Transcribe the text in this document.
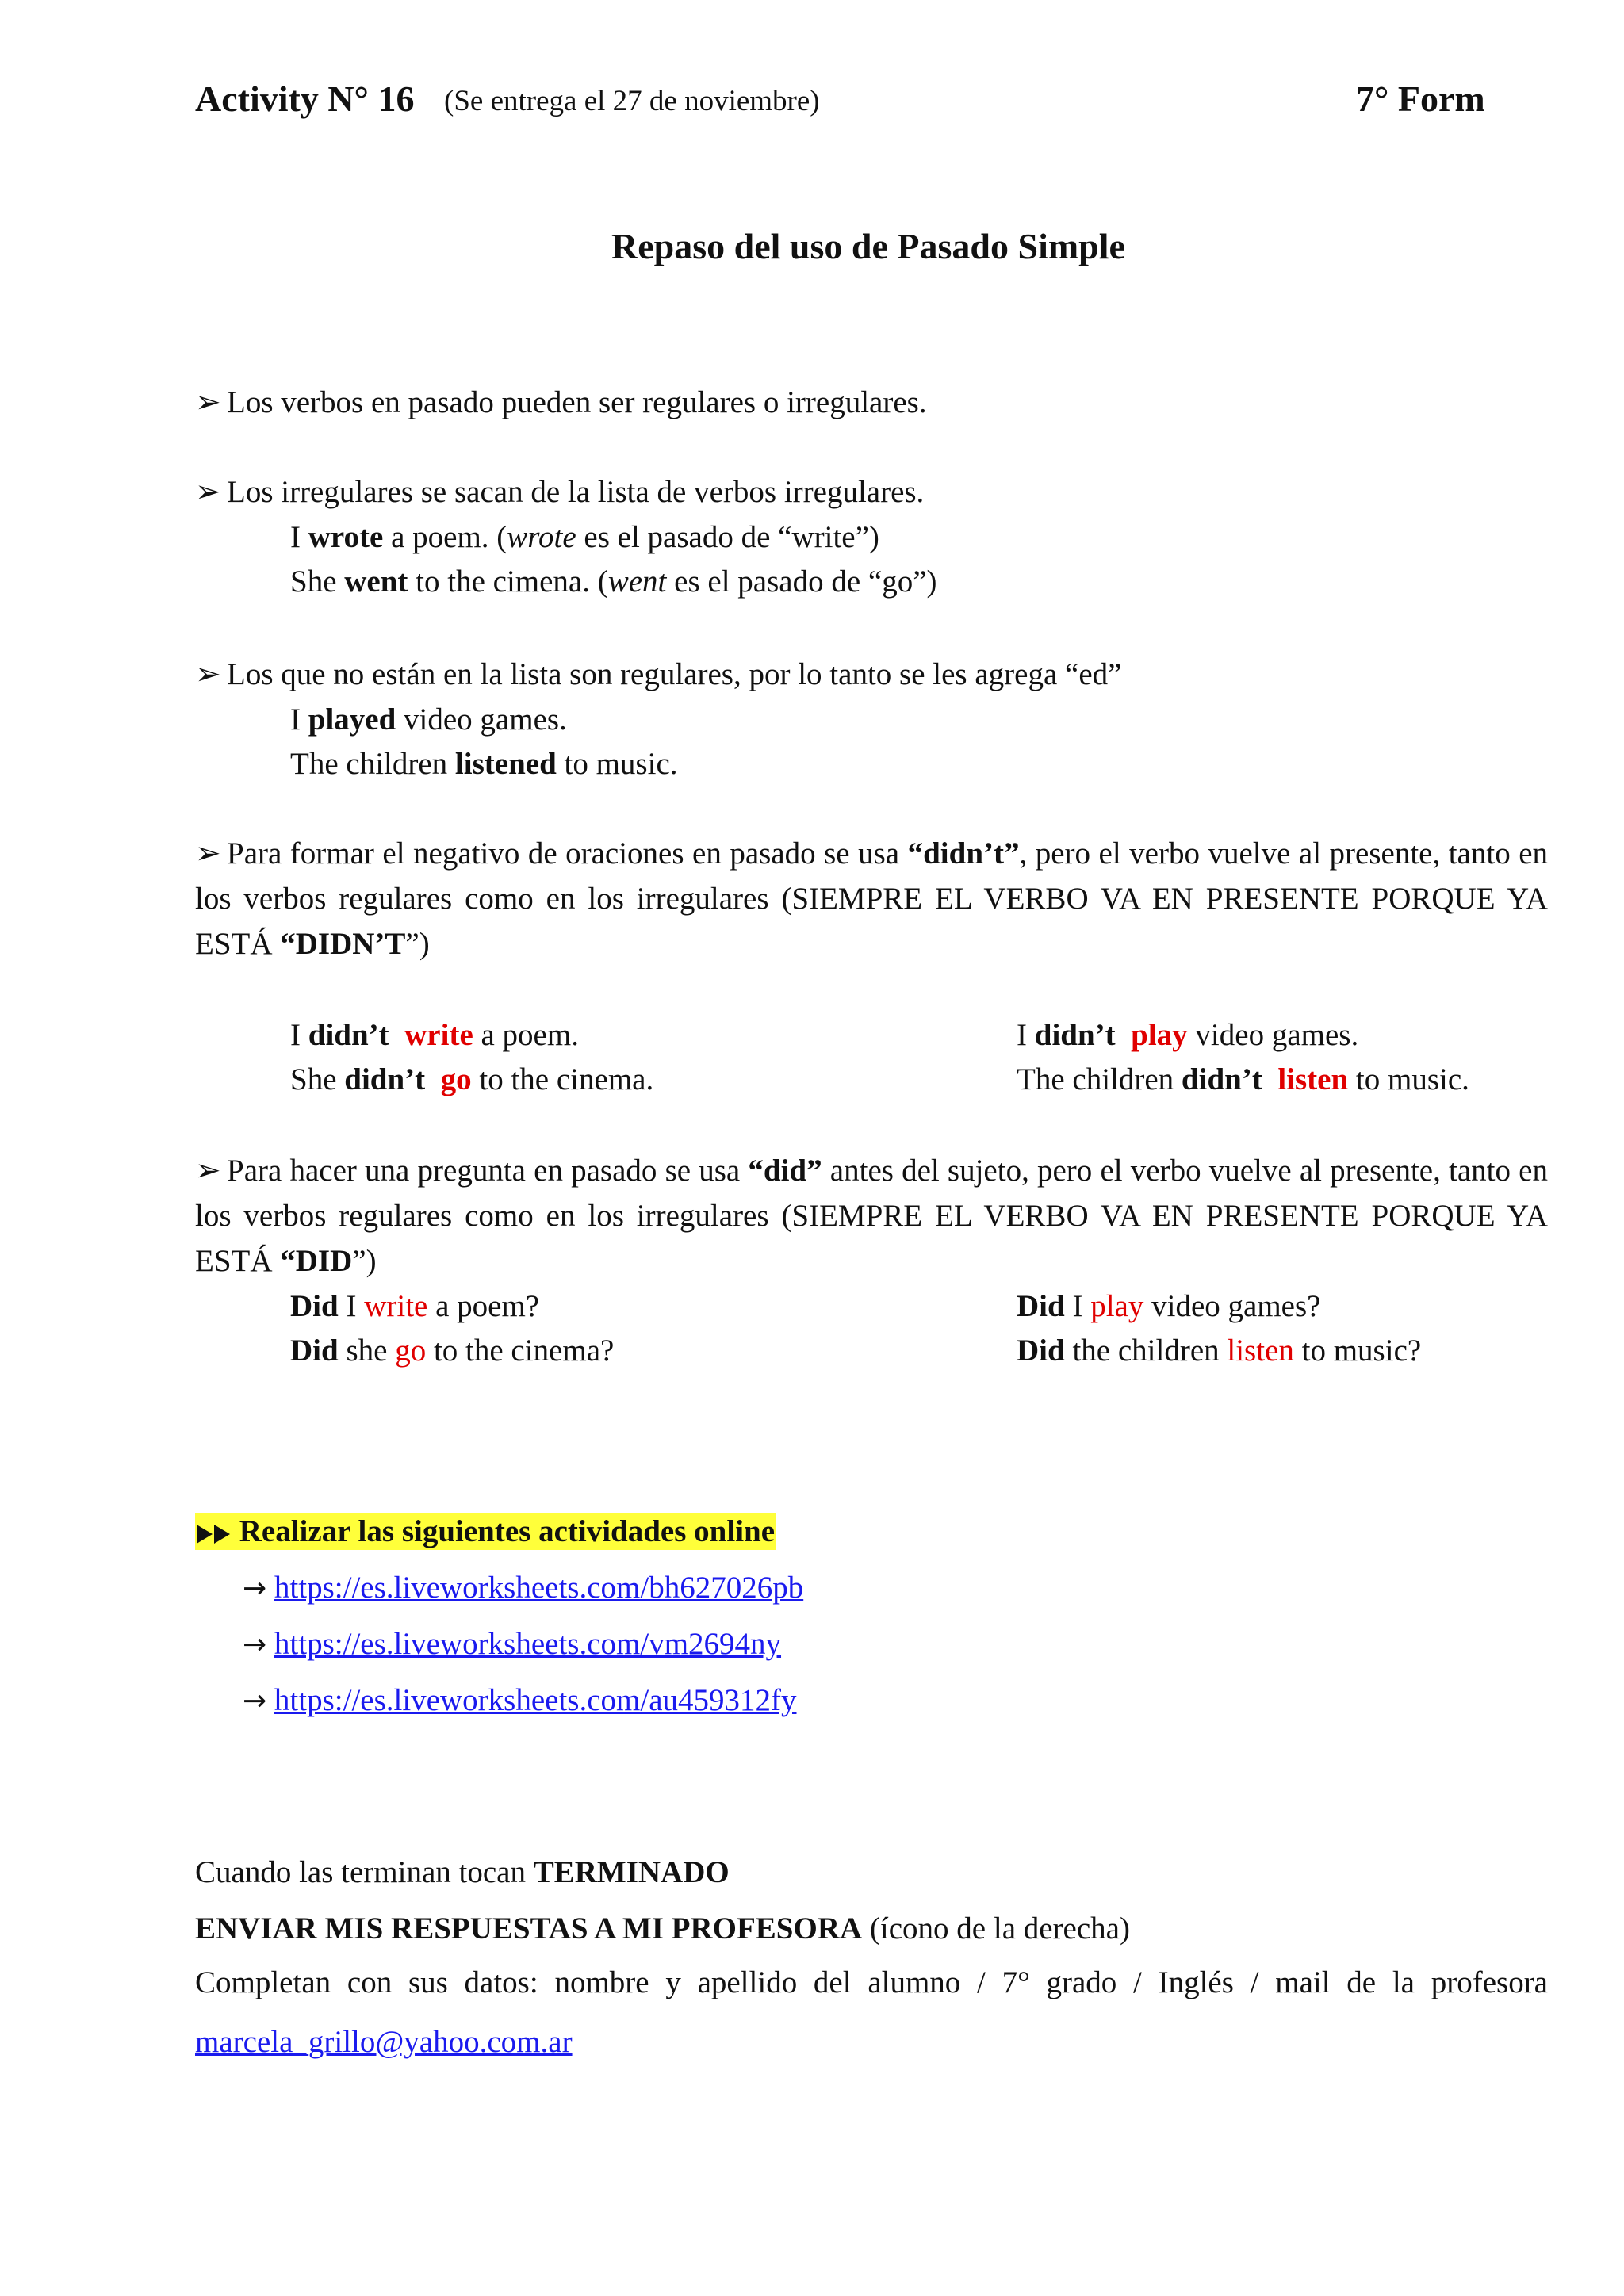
Activity N° 16 (Se entrega el 27 de noviembre)	7° Form
Repaso del uso de Pasado Simple
➢ Los verbos en pasado pueden ser regulares o irregulares.
➢ Los irregulares se sacan de la lista de verbos irregulares.
I wrote a poem. (wrote es el pasado de “write”)
She went to the cimena. (went es el pasado de “go”)
➢ Los que no están en la lista son regulares, por lo tanto se les agrega “ed”
I played video games.
The children listened to music.
➢ Para formar el negativo de oraciones en pasado se usa “didn’t”, pero el verbo vuelve al presente, tanto en los verbos regulares como en los irregulares (SIEMPRE EL VERBO VA EN PRESENTE PORQUE YA ESTÁ “DIDN’T”)
I didn’t write a poem.
She didn’t go to the cinema.
I didn’t play video games.
The children didn’t listen to music.
➢ Para hacer una pregunta en pasado se usa “did” antes del sujeto, pero el verbo vuelve al presente, tanto en los verbos regulares como en los irregulares (SIEMPRE EL VERBO VA EN PRESENTE PORQUE YA ESTÁ “DID”)
Did I write a poem?
Did she go to the cinema?
Did I play video games?
Did the children listen to music?
Realizar las siguientes actividades online
→ https://es.liveworksheets.com/bh627026pb
→ https://es.liveworksheets.com/vm2694ny
→ https://es.liveworksheets.com/au459312fy
Cuando las terminan tocan TERMINADO
ENVIAR MIS RESPUESTAS A MI PROFESORA (ícono de la derecha)
Completan con sus datos: nombre y apellido del alumno / 7° grado / Inglés / mail de la profesora
marcela_grillo@yahoo.com.ar
